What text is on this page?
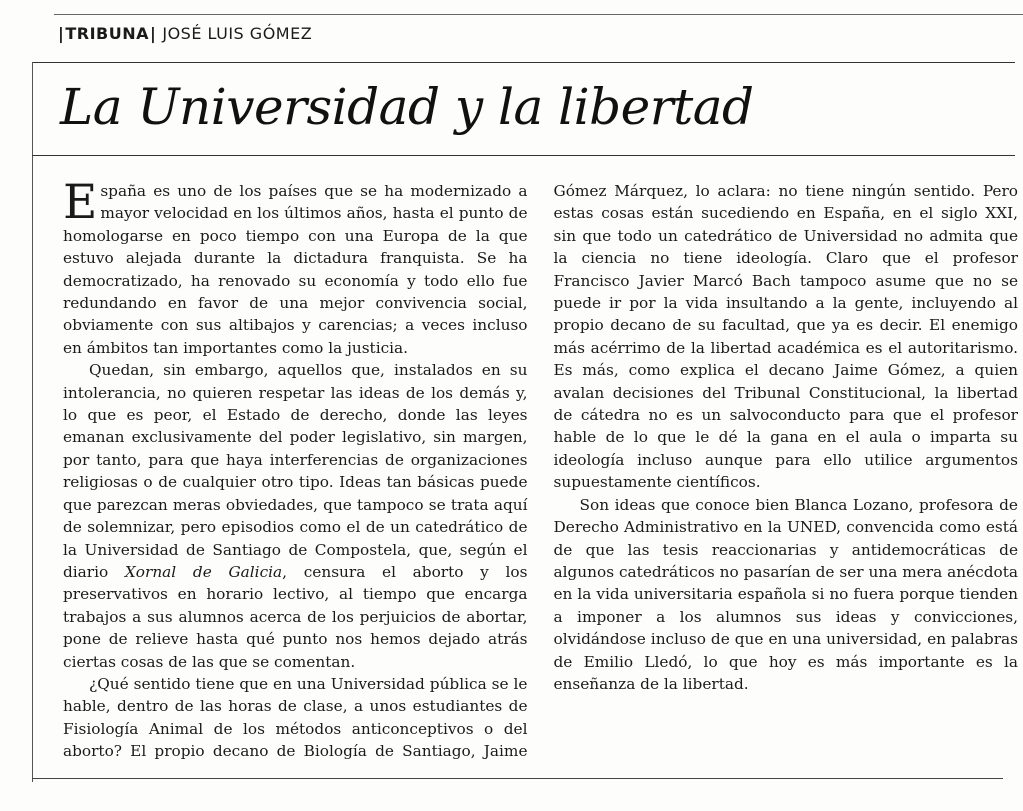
| TRIBUNA | JOSÉ LUIS GÓMEZ
La Universidad y la libertad

España es uno de los países que se ha modernizado a mayor velocidad en los últimos años, hasta el punto de homologarse en poco tiempo con una Europa de la que estuvo alejada durante la dictadura franquista. Se ha democratizado, ha renovado su economía y todo ello fue redundando en favor de una mejor convivencia social, obviamente con sus altibajos y carencias; a veces incluso en ámbitos tan importantes como la justicia.

Quedan, sin embargo, aquellos que, instalados en su intolerancia, no quieren respetar las ideas de los demás y, lo que es peor, el Estado de derecho, donde las leyes emanan exclusivamente del poder legislativo, sin margen, por tanto, para que haya interferencias de organizaciones religiosas o de cualquier otro tipo. Ideas tan básicas puede que parezcan meras obviedades, que tampoco se trata aquí de solemnizar, pero episodios como el de un catedrático de la Universidad de Santiago de Compostela, que, según el diario Xornal de Galicia, censura el aborto y los preservativos en horario lectivo, al tiempo que encarga trabajos a sus alumnos acerca de los perjuicios de abortar, pone de relieve hasta qué punto nos hemos dejado atrás ciertas cosas de las que se comentan.

¿Qué sentido tiene que en una Universidad pública se le hable, dentro de las horas de clase, a unos estudiantes de Fisiología Animal de los métodos anticonceptivos o del aborto? El propio decano de Biología de Santiago, Jaime Gómez Márquez, lo aclara: no tiene ningún sentido. Pero estas cosas están sucediendo en España, en el siglo XXI, sin que todo un catedrático de Universidad no admita que la ciencia no tiene ideología. Claro que el profesor Francisco Javier Marcó Bach tampoco asume que no se puede ir por la vida insultando a la gente, incluyendo al propio decano de su facultad, que ya es decir. El enemigo más acérrimo de la libertad académica es el autoritarismo. Es más, como explica el decano Jaime Gómez, a quien avalan decisiones del Tribunal Constitucional, la libertad de cátedra no es un salvoconducto para que el profesor hable de lo que le dé la gana en el aula o imparta su ideología incluso aunque para ello utilice argumentos supuestamente científicos.

Son ideas que conoce bien Blanca Lozano, profesora de Derecho Administrativo en la UNED, convencida como está de que las tesis reaccionarias y antidemocráticas de algunos catedráticos no pasarían de ser una mera anécdota en la vida universitaria española si no fuera porque tienden a imponer a los alumnos sus ideas y convicciones, olvidándose incluso de que en una universidad, en palabras de Emilio Lledó, lo que hoy es más importante es la enseñanza de la libertad.
